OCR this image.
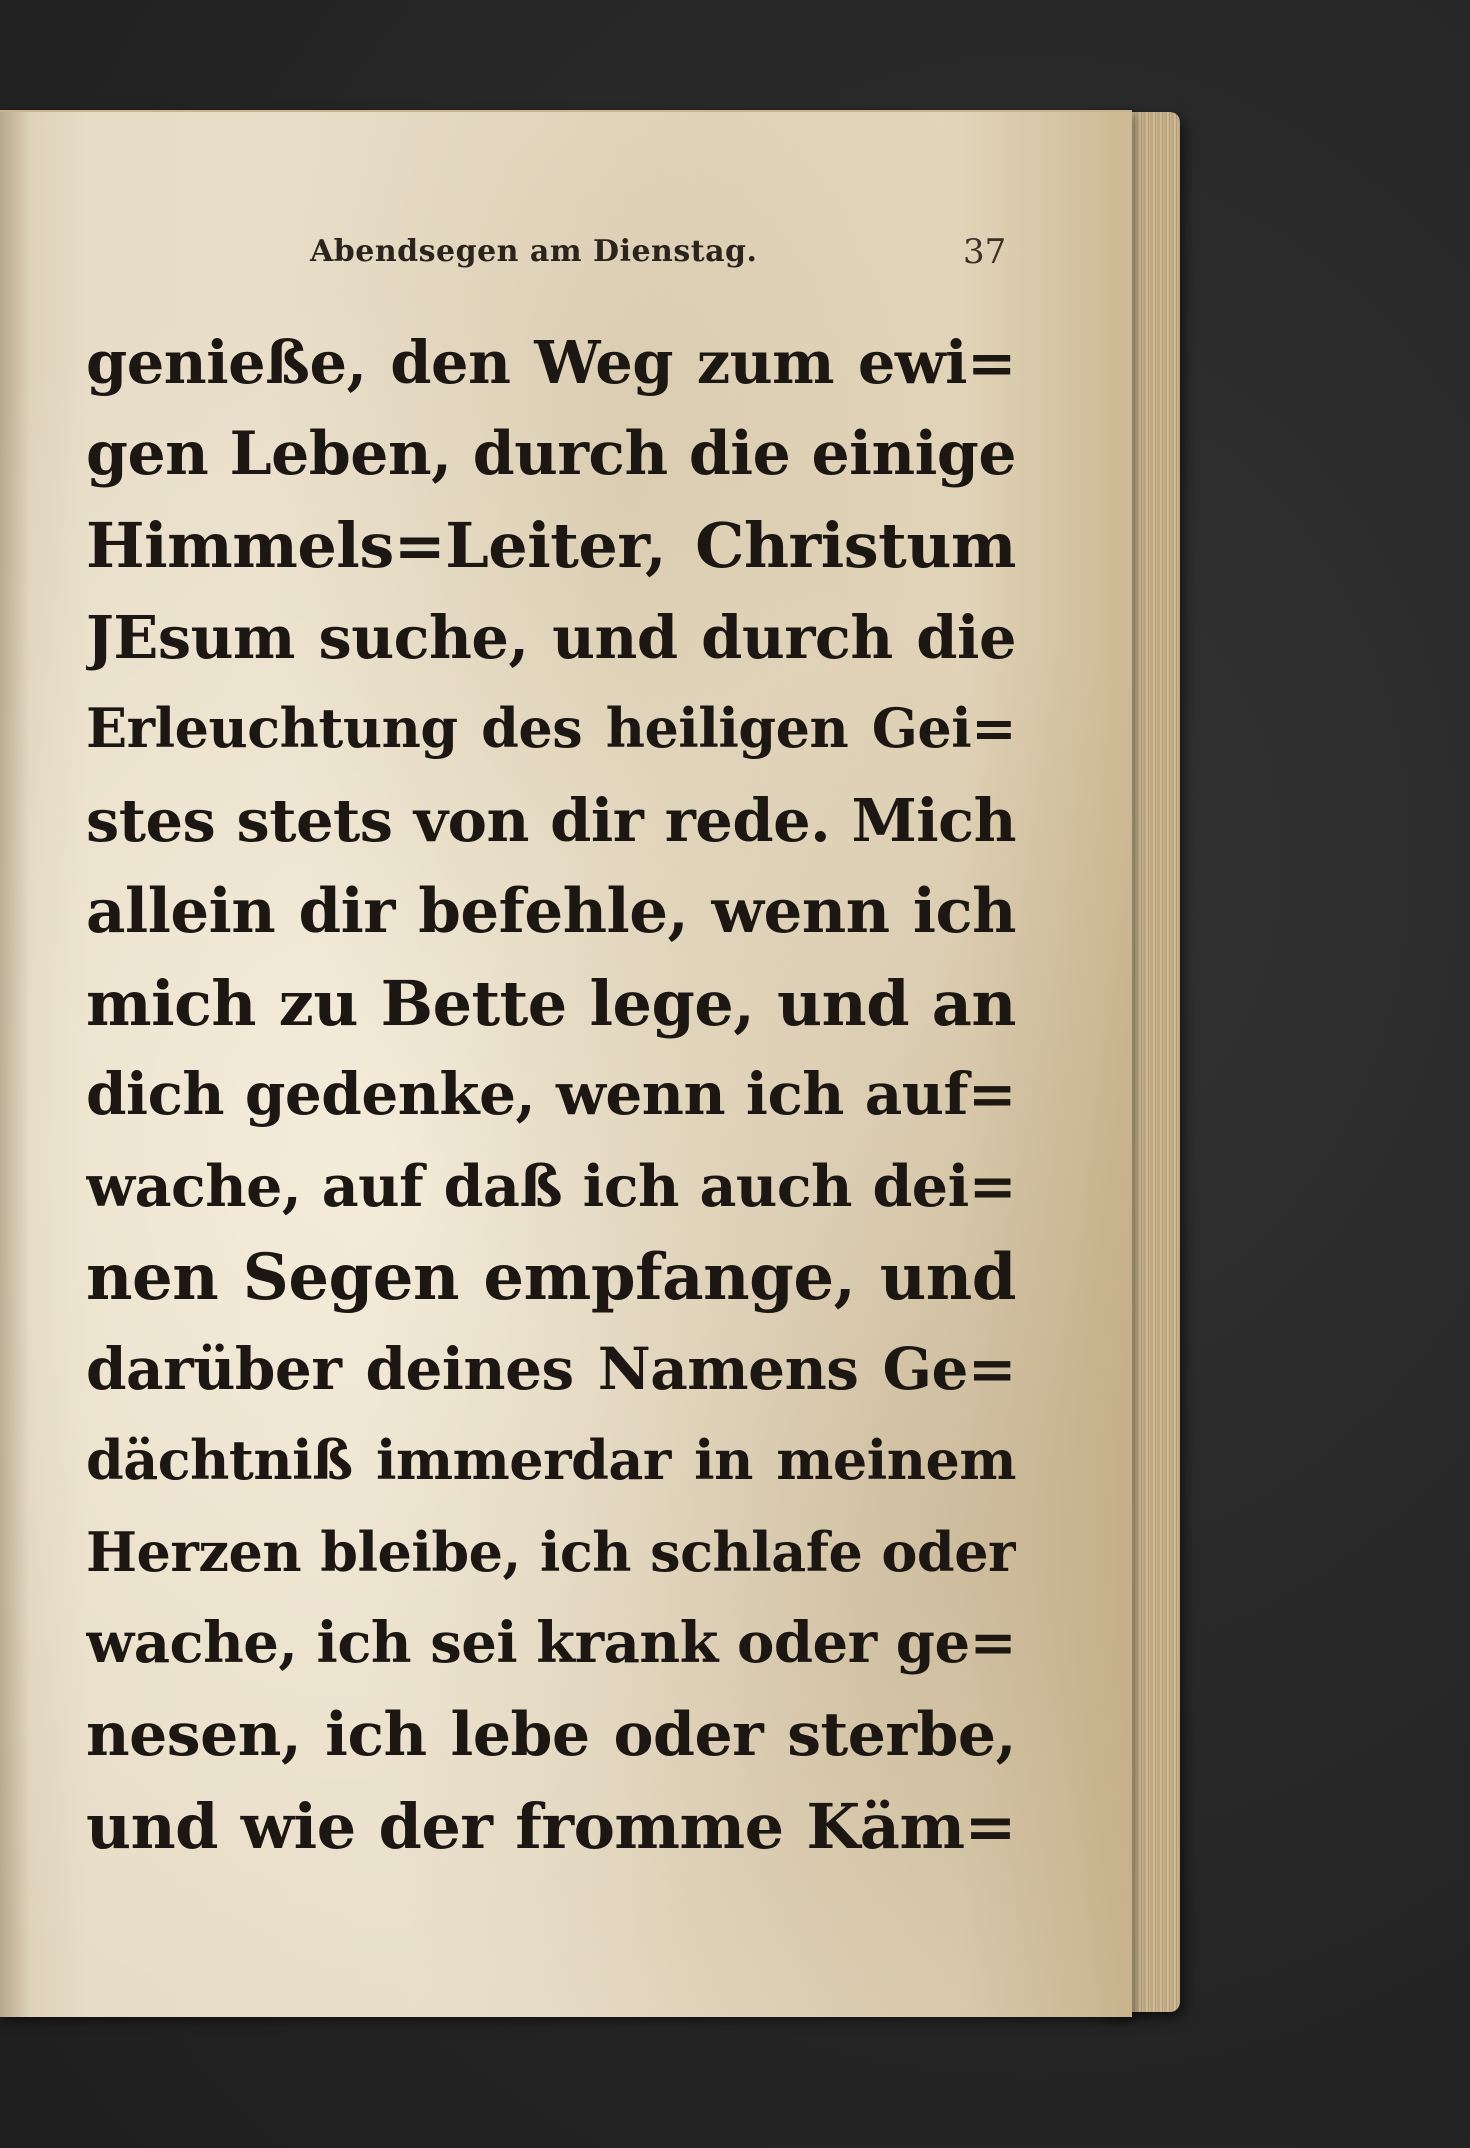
Abendsegen am Dienstag.	37
genieße, den Weg zum ewi=
gen Leben, durch die einige
Himmels=Leiter, Christum
JEsum suche, und durch die
Erleuchtung des heiligen Gei=
stes stets von dir rede. Mich
allein dir befehle, wenn ich
mich zu Bette lege, und an
dich gedenke, wenn ich auf=
wache, auf daß ich auch dei=
nen Segen empfange, und
darüber deines Namens Ge=
dächtniß immerdar in meinem
Herzen bleibe, ich schlafe oder
wache, ich sei krank oder ge=
nesen, ich lebe oder sterbe,
und wie der fromme Käm=
